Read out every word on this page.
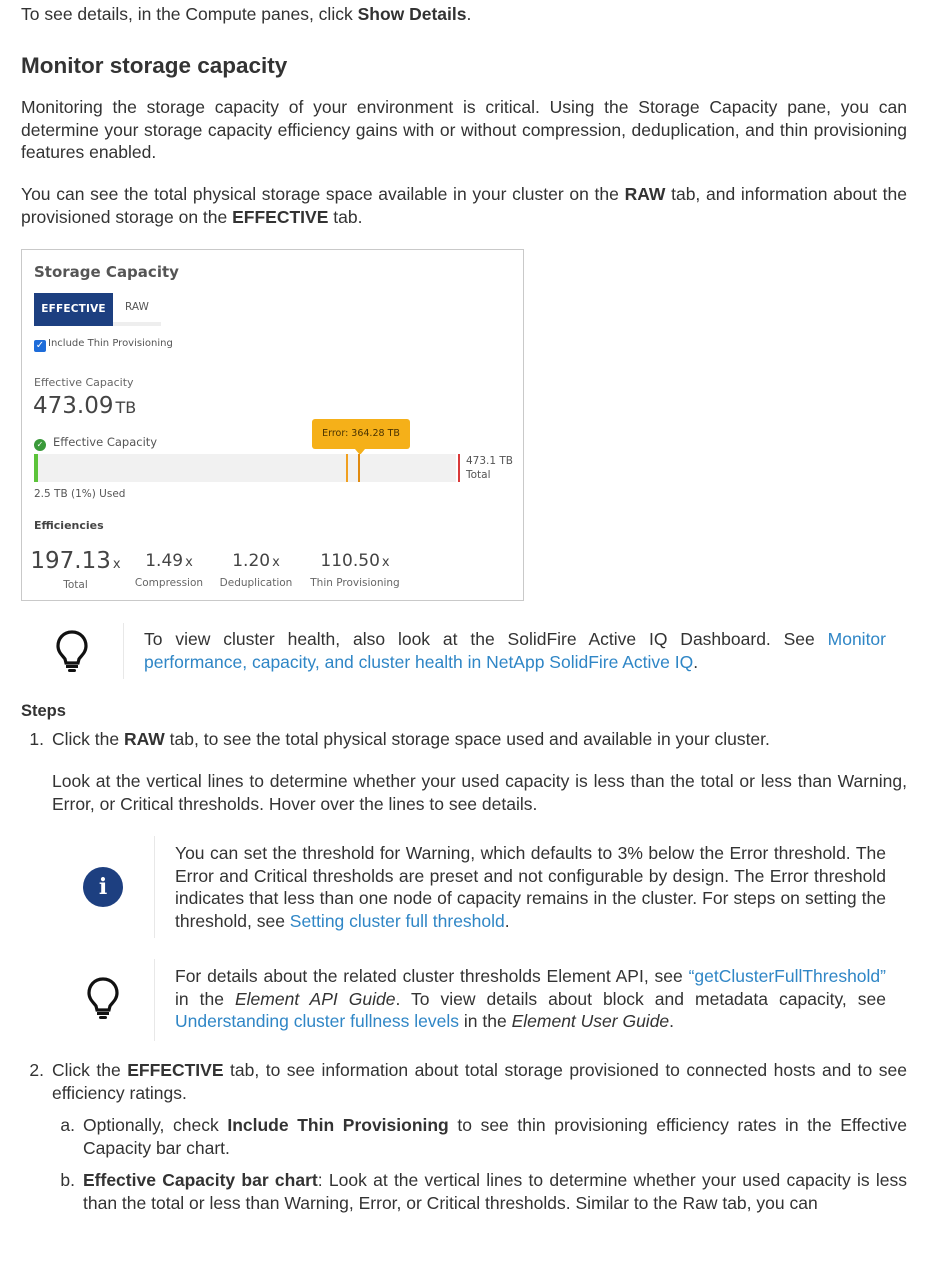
To see details, in the Compute panes, click Show Details.

Monitor storage capacity

Monitoring the storage capacity of your environment is critical. Using the Storage Capacity pane, you can determine your storage capacity efficiency gains with or without compression, deduplication, and thin provisioning features enabled.

You can see the total physical storage space available in your cluster on the RAW tab, and information about the provisioned storage on the EFFECTIVE tab.

Storage Capacity
EFFECTIVE	RAW
✓ Include Thin Provisioning
Effective Capacity
473.09 TB
✓ Effective Capacity
Error: 364.28 TB
473.1 TB
Total
2.5 TB (1%) Used
Efficiencies
197.13 x
Total
1.49 x
Compression
1.20 x
Deduplication
110.50 x
Thin Provisioning

To view cluster health, also look at the SolidFire Active IQ Dashboard. See Monitor performance, capacity, and cluster health in NetApp SolidFire Active IQ.

Steps
1. Click the RAW tab, to see the total physical storage space used and available in your cluster.

Look at the vertical lines to determine whether your used capacity is less than the total or less than Warning, Error, or Critical thresholds. Hover over the lines to see details.

i

You can set the threshold for Warning, which defaults to 3% below the Error threshold. The Error and Critical thresholds are preset and not configurable by design. The Error threshold indicates that less than one node of capacity remains in the cluster. For steps on setting the threshold, see Setting cluster full threshold.

For details about the related cluster thresholds Element API, see “getClusterFullThreshold” in the Element API Guide. To view details about block and metadata capacity, see Understanding cluster fullness levels in the Element User Guide.

2. Click the EFFECTIVE tab, to see information about total storage provisioned to connected hosts and to see efficiency ratings.

a. Optionally, check Include Thin Provisioning to see thin provisioning efficiency rates in the Effective Capacity bar chart.

b. Effective Capacity bar chart: Look at the vertical lines to determine whether your used capacity is less than the total or less than Warning, Error, or Critical thresholds. Similar to the Raw tab, you can
